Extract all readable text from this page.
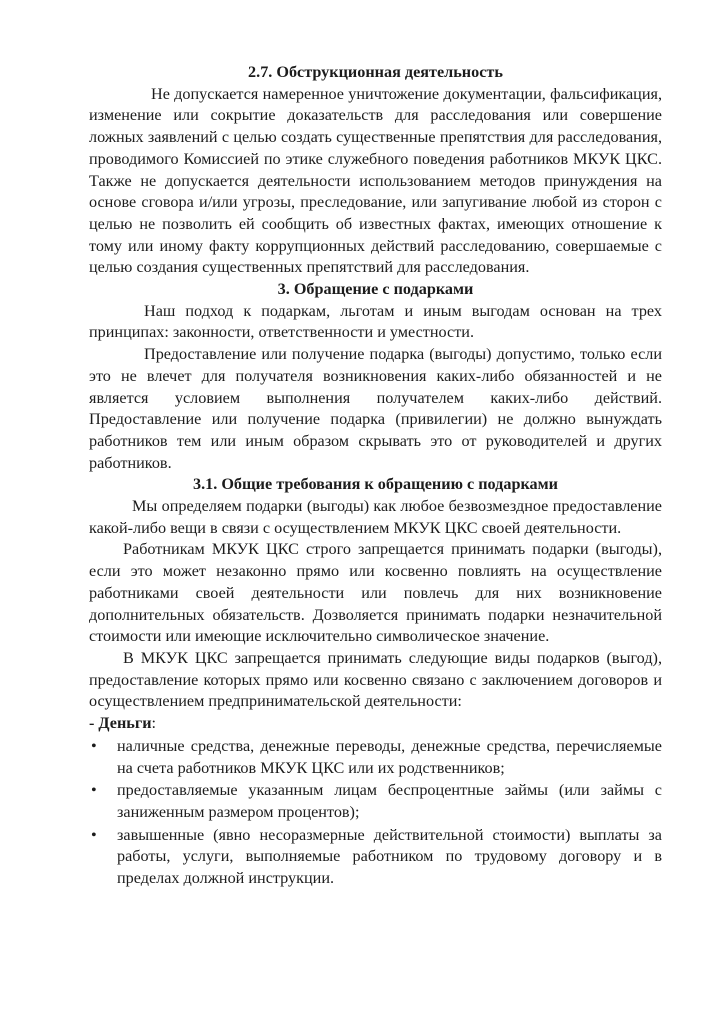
2.7. Обструкционная деятельность

Не допускается намеренное уничтожение документации, фальсификация, изменение или сокрытие доказательств для расследования или совершение ложных заявлений с целью создать существенные препятствия для расследования, проводимого Комиссией по этике служебного поведения работников МКУК ЦКС. Также не допускается деятельности использованием методов принуждения на основе сговора и/или угрозы, преследование, или запугивание любой из сторон с целью не позволить ей сообщить об известных фактах, имеющих отношение к тому или иному факту коррупционных действий расследованию, совершаемые с целью создания существенных препятствий для расследования.

3. Обращение с подарками

Наш подход к подаркам, льготам и иным выгодам основан на трех принципах: законности, ответственности и уместности.

Предоставление или получение подарка (выгоды) допустимо, только если это не влечет для получателя возникновения каких-либо обязанностей и не является условием выполнения получателем каких-либо действий. Предоставление или получение подарка (привилегии) не должно вынуждать работников тем или иным образом скрывать это от руководителей и других работников.

3.1. Общие требования к обращению с подарками

Мы определяем подарки (выгоды) как любое безвозмездное предоставление какой-либо вещи в связи с осуществлением МКУК ЦКС своей деятельности.

Работникам МКУК ЦКС строго запрещается принимать подарки (выгоды), если это может незаконно прямо или косвенно повлиять на осуществление работниками своей деятельности или повлечь для них возникновение дополнительных обязательств. Дозволяется принимать подарки незначительной стоимости или имеющие исключительно символическое значение.

В МКУК ЦКС запрещается принимать следующие виды подарков (выгод), предоставление которых прямо или косвенно связано с заключением договоров и осуществлением предпринимательской деятельности:

- Деньги:

• наличные средства, денежные переводы, денежные средства, перечисляемые на счета работников МКУК ЦКС или их родственников;
• предоставляемые указанным лицам беспроцентные займы (или займы с заниженным размером процентов);
• завышенные (явно несоразмерные действительной стоимости) выплаты за работы, услуги, выполняемые работником по трудовому договору и в пределах должной инструкции.
